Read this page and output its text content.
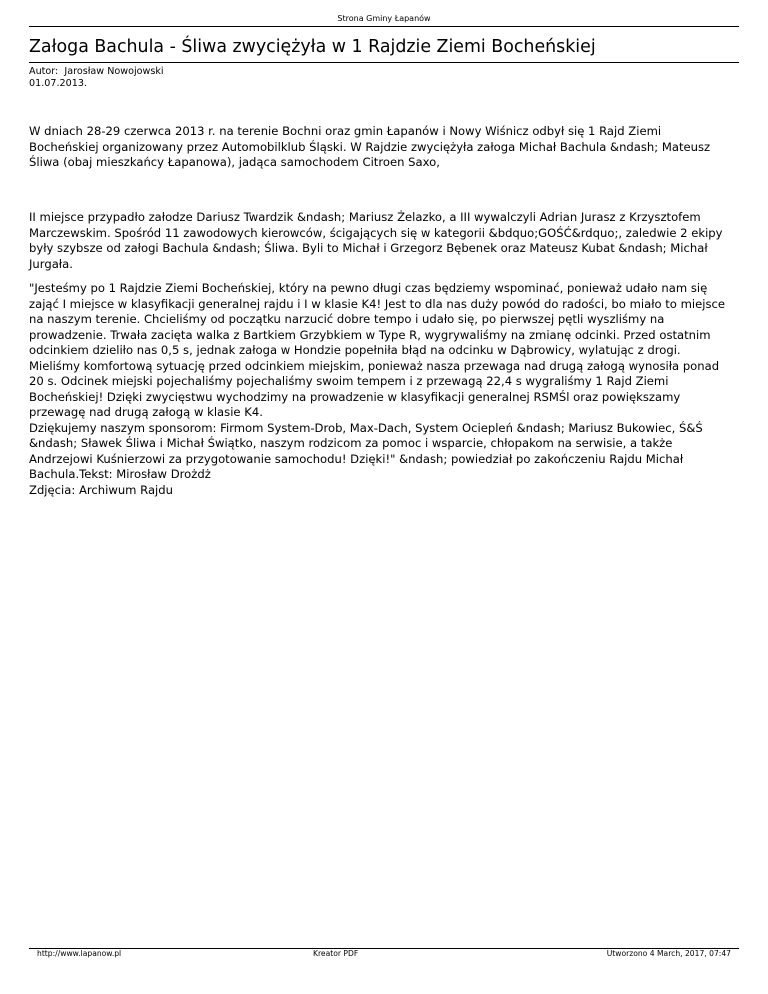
Strona Gminy Łapanów
Załoga Bachula - Śliwa zwyciężyła w 1 Rajdzie Ziemi Bocheńskiej
Autor:  Jarosław Nowojowski
01.07.2013.

W dniach 28-29 czerwca 2013 r. na terenie Bochni oraz gmin Łapanów i Nowy Wiśnicz odbył się 1 Rajd Ziemi Bocheńskiej organizowany przez Automobilklub Śląski. W Rajdzie zwyciężyła załoga Michał Bachula &ndash; Mateusz Śliwa (obaj mieszkańcy Łapanowa), jadąca samochodem Citroen Saxo,

II miejsce przypadło załodze Dariusz Twardzik &ndash; Mariusz Żelazko, a III wywalczyli Adrian Jurasz z Krzysztofem Marczewskim. Spośród 11 zawodowych kierowców, ścigających się w kategorii &bdquo;GOŚĆ&rdquo;, zaledwie 2 ekipy były szybsze od załogi Bachula &ndash; Śliwa. Byli to Michał i Grzegorz Bębenek oraz Mateusz Kubat &ndash; Michał Jurgała.

"Jesteśmy po 1 Rajdzie Ziemi Bocheńskiej, który na pewno długi czas będziemy wspominać, ponieważ udało nam się zająć I miejsce w klasyfikacji generalnej rajdu i I w klasie K4! Jest to dla nas duży powód do radości, bo miało to miejsce na naszym terenie. Chcieliśmy od początku narzucić dobre tempo i udało się, po pierwszej pętli wyszliśmy na prowadzenie. Trwała zacięta walka z Bartkiem Grzybkiem w Type R, wygrywaliśmy na zmianę odcinki. Przed ostatnim odcinkiem dzieliło nas 0,5 s, jednak załoga w Hondzie popełniła błąd na odcinku w Dąbrowicy, wylatując z drogi. Mieliśmy komfortową sytuację przed odcinkiem miejskim, ponieważ nasza przewaga nad drugą załogą wynosiła ponad 20 s. Odcinek miejski pojechaliśmy pojechaliśmy swoim tempem i z przewagą 22,4 s wygraliśmy 1 Rajd Ziemi Bocheńskiej! Dzięki zwycięstwu wychodzimy na prowadzenie w klasyfikacji generalnej RSMŚl oraz powiększamy przewagę nad drugą załogą w klasie K4.
Dziękujemy naszym sponsorom: Firmom System-Drob, Max-Dach, System Ociepleń &ndash; Mariusz Bukowiec, Ś&Ś &ndash; Sławek Śliwa i Michał Świątko, naszym rodzicom za pomoc i wsparcie, chłopakom na serwisie, a także Andrzejowi Kuśnierzowi za przygotowanie samochodu! Dzięki!" &ndash; powiedział po zakończeniu Rajdu Michał Bachula.Tekst: Mirosław Drożdż
Zdjęcia: Archiwum Rajdu

http://www.lapanow.pl	Kreator PDF	Utworzono 4 March, 2017, 07:47
